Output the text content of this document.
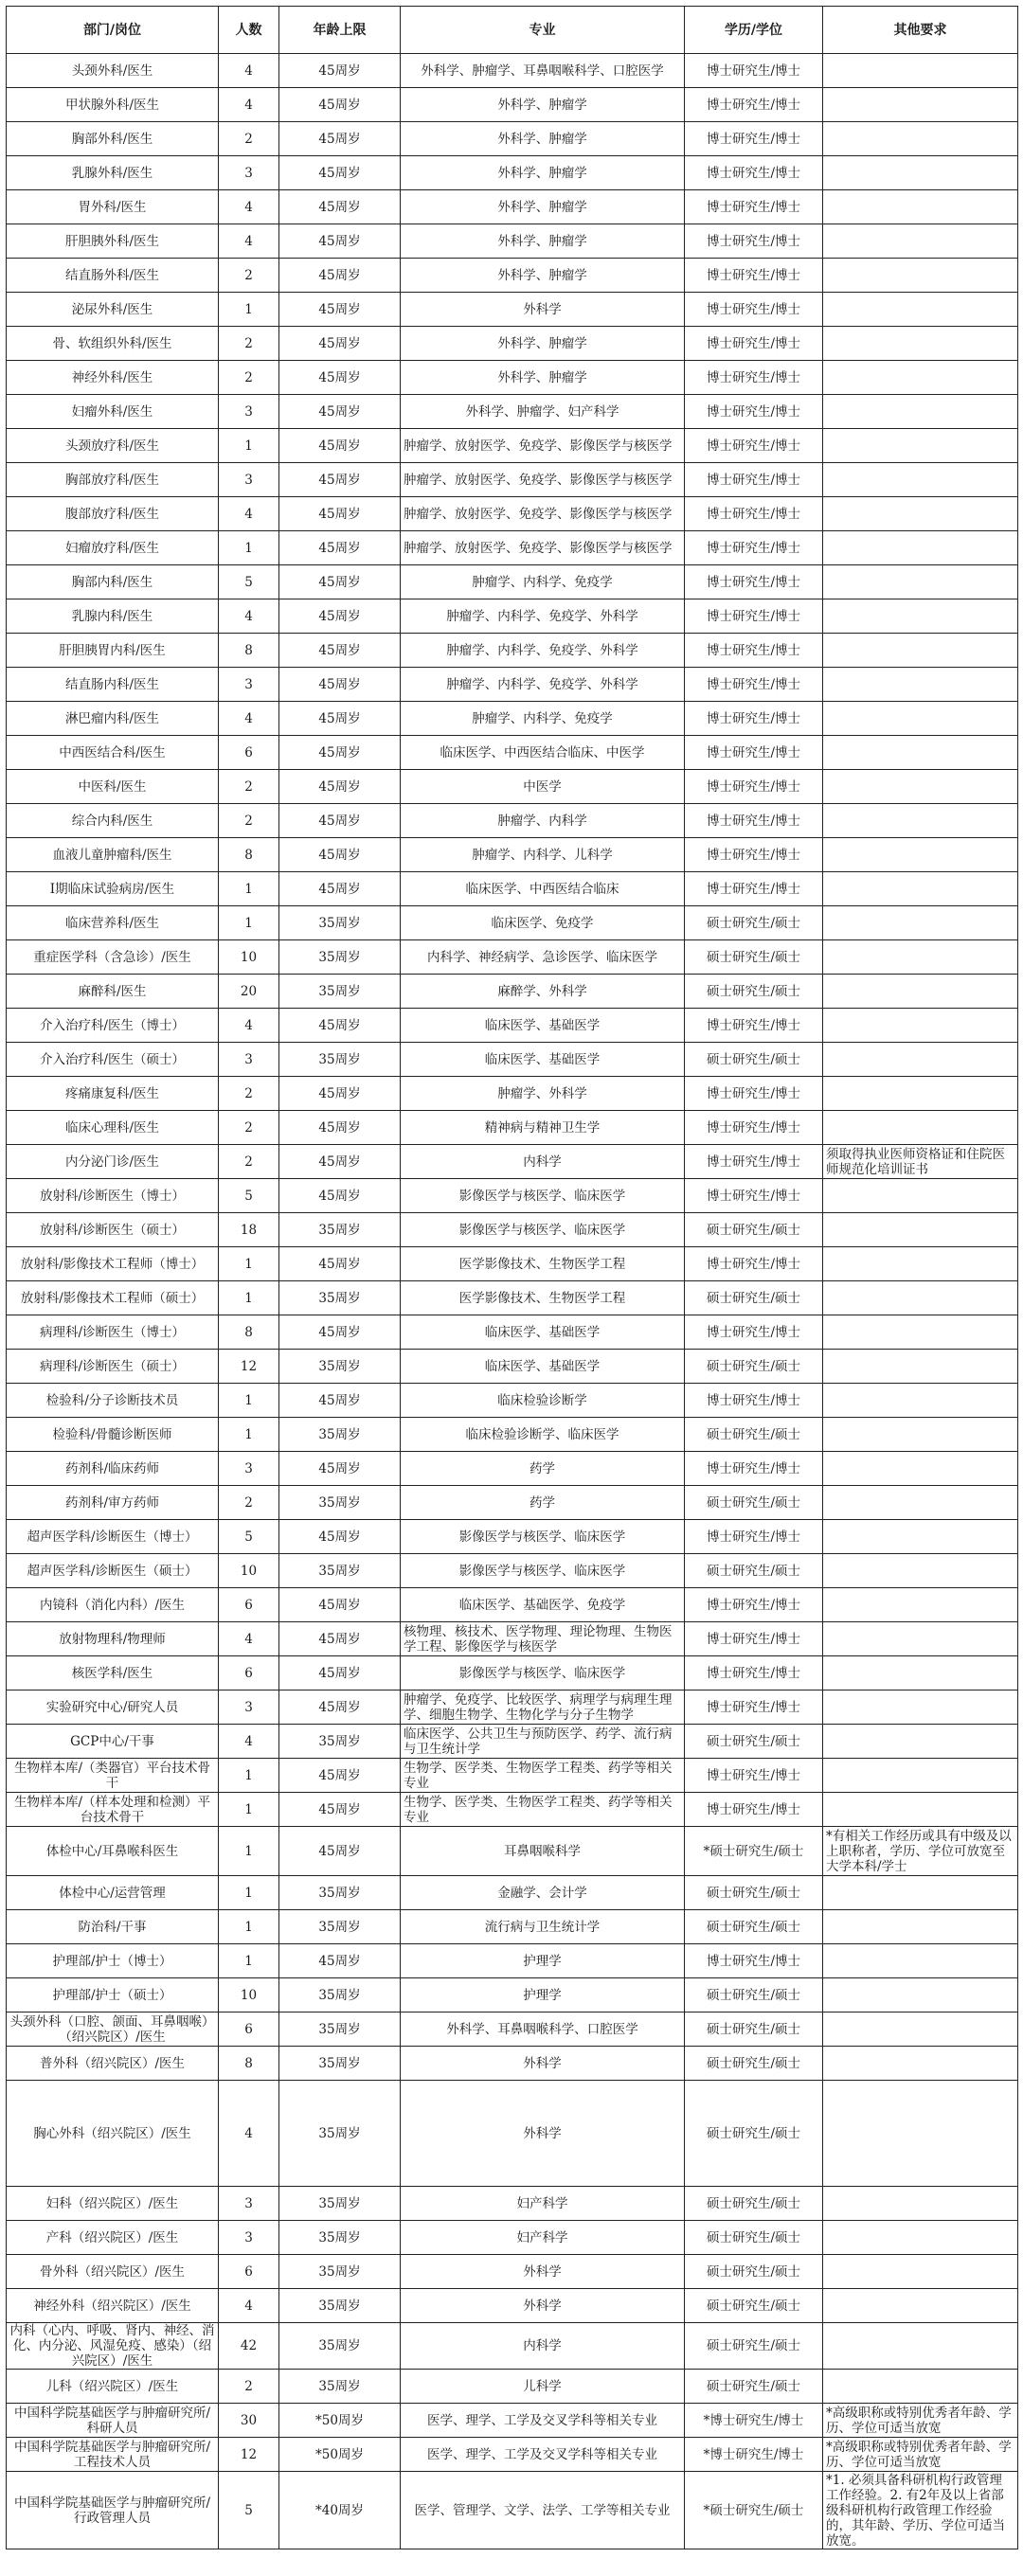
部门/岗位	人数	年龄上限	专业	学历/学位	其他要求
头颈外科/医生	4	45周岁	外科学、肿瘤学、耳鼻咽喉科学、口腔医学	博士研究生/博士	
甲状腺外科/医生	4	45周岁	外科学、肿瘤学	博士研究生/博士	
胸部外科/医生	2	45周岁	外科学、肿瘤学	博士研究生/博士	
乳腺外科/医生	3	45周岁	外科学、肿瘤学	博士研究生/博士	
胃外科/医生	4	45周岁	外科学、肿瘤学	博士研究生/博士	
肝胆胰外科/医生	4	45周岁	外科学、肿瘤学	博士研究生/博士	
结直肠外科/医生	2	45周岁	外科学、肿瘤学	博士研究生/博士	
泌尿外科/医生	1	45周岁	外科学	博士研究生/博士	
骨、软组织外科/医生	2	45周岁	外科学、肿瘤学	博士研究生/博士	
神经外科/医生	2	45周岁	外科学、肿瘤学	博士研究生/博士	
妇瘤外科/医生	3	45周岁	外科学、肿瘤学、妇产科学	博士研究生/博士	
头颈放疗科/医生	1	45周岁	肿瘤学、放射医学、免疫学、影像医学与核医学	博士研究生/博士	
胸部放疗科/医生	3	45周岁	肿瘤学、放射医学、免疫学、影像医学与核医学	博士研究生/博士	
腹部放疗科/医生	4	45周岁	肿瘤学、放射医学、免疫学、影像医学与核医学	博士研究生/博士	
妇瘤放疗科/医生	1	45周岁	肿瘤学、放射医学、免疫学、影像医学与核医学	博士研究生/博士	
胸部内科/医生	5	45周岁	肿瘤学、内科学、免疫学	博士研究生/博士	
乳腺内科/医生	4	45周岁	肿瘤学、内科学、免疫学、外科学	博士研究生/博士	
肝胆胰胃内科/医生	8	45周岁	肿瘤学、内科学、免疫学、外科学	博士研究生/博士	
结直肠内科/医生	3	45周岁	肿瘤学、内科学、免疫学、外科学	博士研究生/博士	
淋巴瘤内科/医生	4	45周岁	肿瘤学、内科学、免疫学	博士研究生/博士	
中西医结合科/医生	6	45周岁	临床医学、中西医结合临床、中医学	博士研究生/博士	
中医科/医生	2	45周岁	中医学	博士研究生/博士	
综合内科/医生	2	45周岁	肿瘤学、内科学	博士研究生/博士	
血液儿童肿瘤科/医生	8	45周岁	肿瘤学、内科学、儿科学	博士研究生/博士	
I期临床试验病房/医生	1	45周岁	临床医学、中西医结合临床	博士研究生/博士	
临床营养科/医生	1	35周岁	临床医学、免疫学	硕士研究生/硕士	
重症医学科（含急诊）/医生	10	35周岁	内科学、神经病学、急诊医学、临床医学	硕士研究生/硕士	
麻醉科/医生	20	35周岁	麻醉学、外科学	硕士研究生/硕士	
介入治疗科/医生（博士）	4	45周岁	临床医学、基础医学	博士研究生/博士	
介入治疗科/医生（硕士）	3	35周岁	临床医学、基础医学	硕士研究生/硕士	
疼痛康复科/医生	2	45周岁	肿瘤学、外科学	博士研究生/博士	
临床心理科/医生	2	45周岁	精神病与精神卫生学	博士研究生/博士	
内分泌门诊/医生	2	45周岁	内科学	博士研究生/博士	须取得执业医师资格证和住院医师规范化培训证书
放射科/诊断医生（博士）	5	45周岁	影像医学与核医学、临床医学	博士研究生/博士	
放射科/诊断医生（硕士）	18	35周岁	影像医学与核医学、临床医学	硕士研究生/硕士	
放射科/影像技术工程师（博士）	1	45周岁	医学影像技术、生物医学工程	博士研究生/博士	
放射科/影像技术工程师（硕士）	1	35周岁	医学影像技术、生物医学工程	硕士研究生/硕士	
病理科/诊断医生（博士）	8	45周岁	临床医学、基础医学	博士研究生/博士	
病理科/诊断医生（硕士）	12	35周岁	临床医学、基础医学	硕士研究生/硕士	
检验科/分子诊断技术员	1	45周岁	临床检验诊断学	博士研究生/博士	
检验科/骨髓诊断医师	1	35周岁	临床检验诊断学、临床医学	硕士研究生/硕士	
药剂科/临床药师	3	45周岁	药学	博士研究生/博士	
药剂科/审方药师	2	35周岁	药学	硕士研究生/硕士	
超声医学科/诊断医生（博士）	5	45周岁	影像医学与核医学、临床医学	博士研究生/博士	
超声医学科/诊断医生（硕士）	10	35周岁	影像医学与核医学、临床医学	硕士研究生/硕士	
内镜科（消化内科）/医生	6	45周岁	临床医学、基础医学、免疫学	博士研究生/博士	
放射物理科/物理师	4	45周岁	核物理、核技术、医学物理、理论物理、生物医学工程、影像医学与核医学	博士研究生/博士	
核医学科/医生	6	45周岁	影像医学与核医学、临床医学	博士研究生/博士	
实验研究中心/研究人员	3	45周岁	肿瘤学、免疫学、比较医学、病理学与病理生理学、细胞生物学、生物化学与分子生物学	博士研究生/博士	
GCP中心/干事	4	35周岁	临床医学、公共卫生与预防医学、药学、流行病与卫生统计学	硕士研究生/硕士	
生物样本库/（类器官）平台技术骨干	1	45周岁	生物学、医学类、生物医学工程类、药学等相关专业	博士研究生/博士	
生物样本库/（样本处理和检测）平台技术骨干	1	45周岁	生物学、医学类、生物医学工程类、药学等相关专业	博士研究生/博士	
体检中心/耳鼻喉科医生	1	45周岁	耳鼻咽喉科学	*硕士研究生/硕士	*有相关工作经历或具有中级及以上职称者，学历、学位可放宽至大学本科/学士
体检中心/运营管理	1	35周岁	金融学、会计学	硕士研究生/硕士	
防治科/干事	1	35周岁	流行病与卫生统计学	硕士研究生/硕士	
护理部/护士（博士）	1	45周岁	护理学	博士研究生/博士	
护理部/护士（硕士）	10	35周岁	护理学	硕士研究生/硕士	
头颈外科（口腔、颌面、耳鼻咽喉）（绍兴院区）/医生	6	35周岁	外科学、耳鼻咽喉科学、口腔医学	硕士研究生/硕士	
普外科（绍兴院区）/医生	8	35周岁	外科学	硕士研究生/硕士	
胸心外科（绍兴院区）/医生	4	35周岁	外科学	硕士研究生/硕士	
妇科（绍兴院区）/医生	3	35周岁	妇产科学	硕士研究生/硕士	
产科（绍兴院区）/医生	3	35周岁	妇产科学	硕士研究生/硕士	
骨外科（绍兴院区）/医生	6	35周岁	外科学	硕士研究生/硕士	
神经外科（绍兴院区）/医生	4	35周岁	外科学	硕士研究生/硕士	
内科（心内、呼吸、肾内、神经、消化、内分泌、风湿免疫、感染）（绍兴院区）/医生	42	35周岁	内科学	硕士研究生/硕士	
儿科（绍兴院区）/医生	2	35周岁	儿科学	硕士研究生/硕士	
中国科学院基础医学与肿瘤研究所/科研人员	30	*50周岁	医学、理学、工学及交叉学科等相关专业	*博士研究生/博士	*高级职称或特别优秀者年龄、学历、学位可适当放宽
中国科学院基础医学与肿瘤研究所/工程技术人员	12	*50周岁	医学、理学、工学及交叉学科等相关专业	*博士研究生/博士	*高级职称或特别优秀者年龄、学历、学位可适当放宽
中国科学院基础医学与肿瘤研究所/行政管理人员	5	*40周岁	医学、管理学、文学、法学、工学等相关专业	*硕士研究生/硕士	*1. 必须具备科研机构行政管理工作经验。2. 有2年及以上省部级科研机构行政管理工作经验的，其年龄、学历、学位可适当放宽。
